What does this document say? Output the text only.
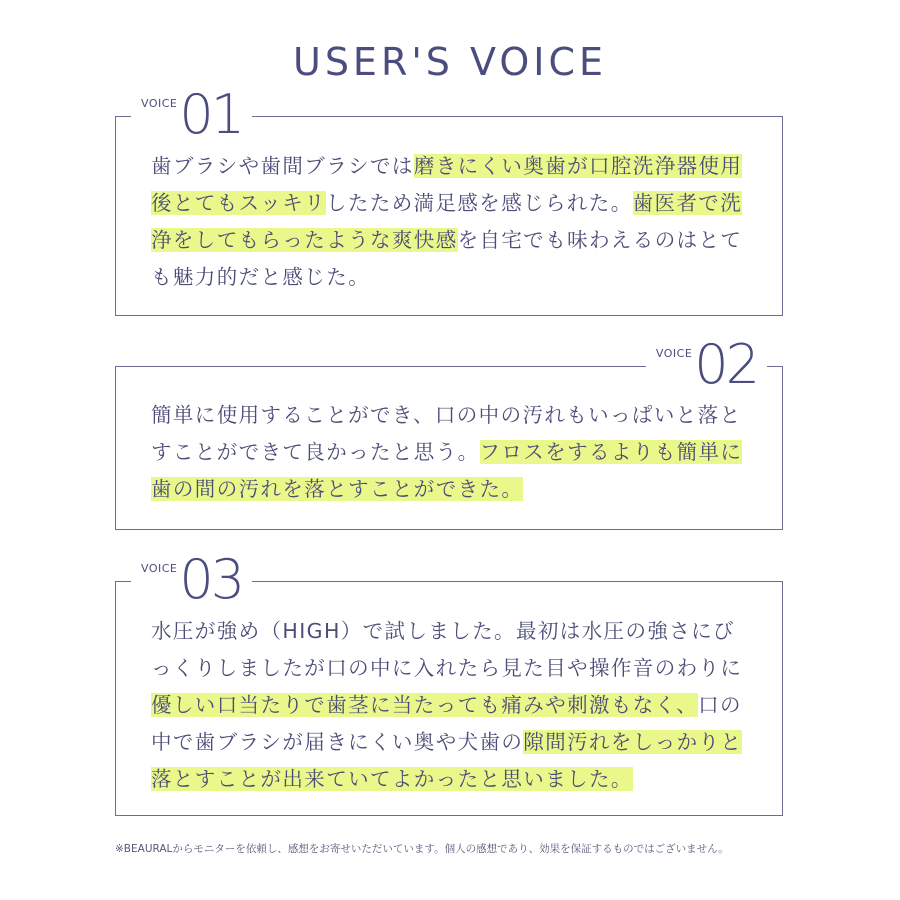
USER'S VOICE
VOICE 01
歯ブラシや歯間ブラシでは磨きにくい奥歯が口腔洗浄器使用後とてもスッキリしたため満足感を感じられた。歯医者で洗浄をしてもらったような爽快感を自宅でも味わえるのはとても魅力的だと感じた。
VOICE 02
簡単に使用することができ、口の中の汚れもいっぱいと落とすことができて良かったと思う。フロスをするよりも簡単に歯の間の汚れを落とすことができた。
VOICE 03
水圧が強め（HIGH）で試しました。最初は水圧の強さにびっくりしましたが口の中に入れたら見た目や操作音のわりに優しい口当たりで歯茎に当たっても痛みや刺激もなく、口の中で歯ブラシが届きにくい奥や犬歯の隙間汚れをしっかりと落とすことが出来ていてよかったと思いました。
※BEAURALからモニターを依頼し、感想をお寄せいただいています。個人の感想であり、効果を保証するものではございません。
